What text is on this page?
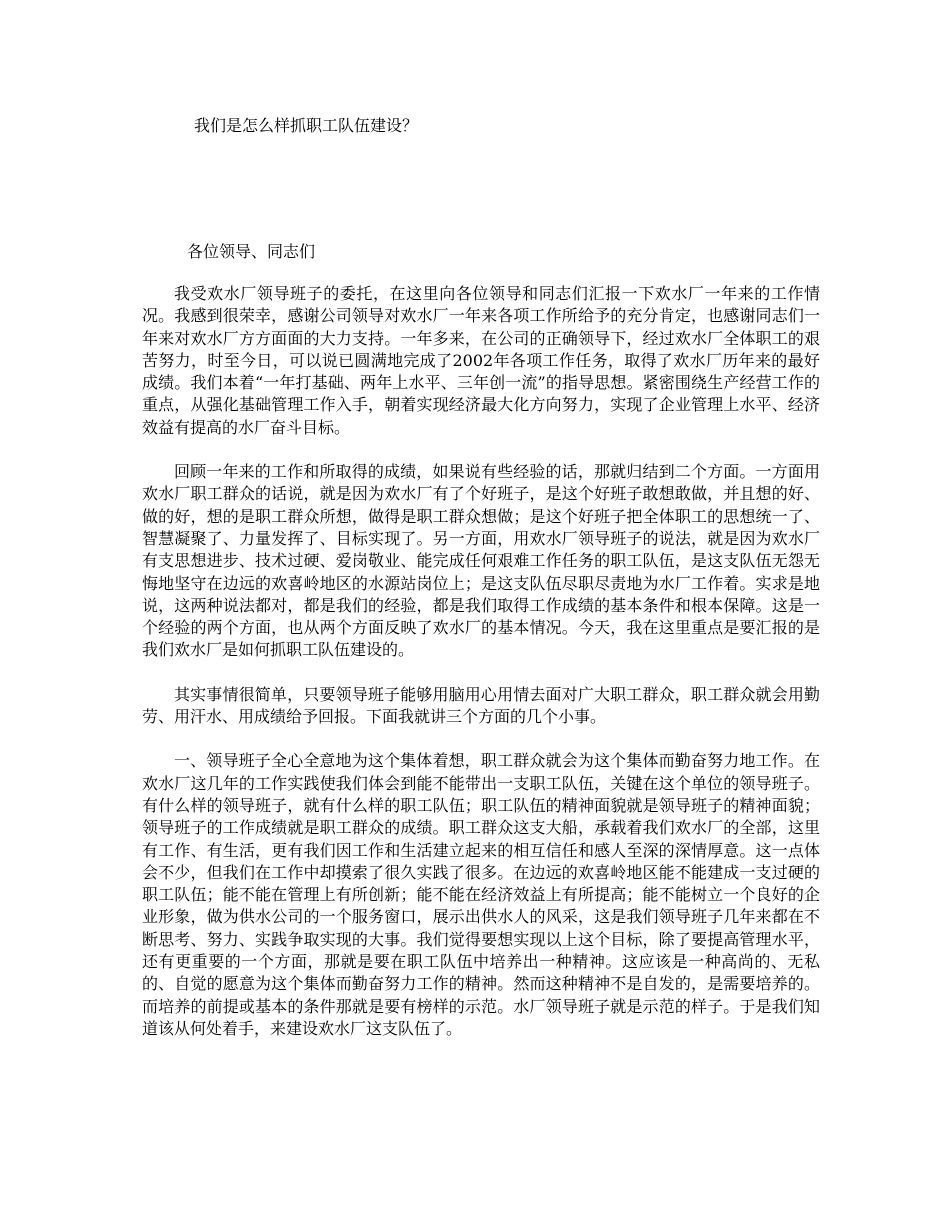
我们是怎么样抓职工队伍建设？
各位领导、同志们

我受欢水厂领导班子的委托，在这里向各位领导和同志们汇报一下欢水厂一年来的工作情况。我感到很荣幸，感谢公司领导对欢水厂一年来各项工作所给予的充分肯定，也感谢同志们一年来对欢水厂方方面面的大力支持。一年多来，在公司的正确领导下，经过欢水厂全体职工的艰苦努力，时至今日，可以说已圆满地完成了2002年各项工作任务，取得了欢水厂历年来的最好成绩。我们本着“一年打基础、两年上水平、三年创一流”的指导思想。紧密围绕生产经营工作的重点，从强化基础管理工作入手，朝着实现经济最大化方向努力，实现了企业管理上水平、经济效益有提高的水厂奋斗目标。

回顾一年来的工作和所取得的成绩，如果说有些经验的话，那就归结到二个方面。一方面用欢水厂职工群众的话说，就是因为欢水厂有了个好班子，是这个好班子敢想敢做，并且想的好、做的好，想的是职工群众所想，做得是职工群众想做；是这个好班子把全体职工的思想统一了、智慧凝聚了、力量发挥了、目标实现了。另一方面，用欢水厂领导班子的说法，就是因为欢水厂有支思想进步、技术过硬、爱岗敬业、能完成任何艰难工作任务的职工队伍，是这支队伍无怨无悔地坚守在边远的欢喜岭地区的水源站岗位上；是这支队伍尽职尽责地为水厂工作着。实求是地说，这两种说法都对，都是我们的经验，都是我们取得工作成绩的基本条件和根本保障。这是一个经验的两个方面，也从两个方面反映了欢水厂的基本情况。今天，我在这里重点是要汇报的是我们欢水厂是如何抓职工队伍建设的。

其实事情很简单，只要领导班子能够用脑用心用情去面对广大职工群众，职工群众就会用勤劳、用汗水、用成绩给予回报。下面我就讲三个方面的几个小事。

一、领导班子全心全意地为这个集体着想，职工群众就会为这个集体而勤奋努力地工作。在欢水厂这几年的工作实践使我们体会到能不能带出一支职工队伍，关键在这个单位的领导班子。有什么样的领导班子，就有什么样的职工队伍；职工队伍的精神面貌就是领导班子的精神面貌；领导班子的工作成绩就是职工群众的成绩。职工群众这支大船，承载着我们欢水厂的全部，这里有工作、有生活，更有我们因工作和生活建立起来的相互信任和感人至深的深情厚意。这一点体会不少，但我们在工作中却摸索了很久实践了很多。在边远的欢喜岭地区能不能建成一支过硬的职工队伍；能不能在管理上有所创新；能不能在经济效益上有所提高；能不能树立一个良好的企业形象，做为供水公司的一个服务窗口，展示出供水人的风采，这是我们领导班子几年来都在不断思考、努力、实践争取实现的大事。我们觉得要想实现以上这个目标，除了要提高管理水平，还有更重要的一个方面，那就是要在职工队伍中培养出一种精神。这应该是一种高尚的、无私的、自觉的愿意为这个集体而勤奋努力工作的精神。然而这种精神不是自发的，是需要培养的。而培养的前提或基本的条件那就是要有榜样的示范。水厂领导班子就是示范的样子。于是我们知道该从何处着手，来建设欢水厂这支队伍了。
